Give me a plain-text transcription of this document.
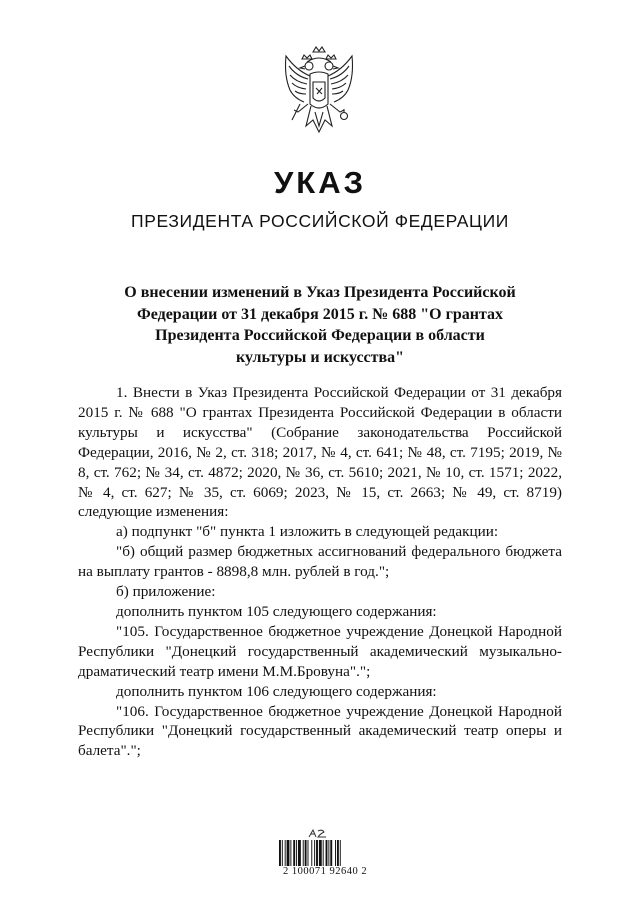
УКАЗ
ПРЕЗИДЕНТА РОССИЙСКОЙ ФЕДЕРАЦИИ
О внесении изменений в Указ Президента Российской
Федерации от 31 декабря 2015 г. № 688 "О грантах
Президента Российской Федерации в области
культуры и искусства"

1. Внести в Указ Президента Российской Федерации от 31 декабря 2015 г. № 688 "О грантах Президента Российской Федерации в области культуры и искусства" (Собрание законодательства Российской Федерации, 2016, № 2, ст. 318; 2017, № 4, ст. 641; № 48, ст. 7195; 2019, № 8, ст. 762; № 34, ст. 4872; 2020, № 36, ст. 5610; 2021, № 10, ст. 1571; 2022, № 4, ст. 627; № 35, ст. 6069; 2023, № 15, ст. 2663; № 49, ст. 8719) следующие изменения:

а) подпункт "б" пункта 1 изложить в следующей редакции:

"б) общий размер бюджетных ассигнований федерального бюджета на выплату грантов - 8898,8 млн. рублей в год.";

б) приложение:

дополнить пунктом 105 следующего содержания:

"105. Государственное бюджетное учреждение Донецкой Народной Республики "Донецкий государственный академический музыкально-драматический театр имени М.М.Бровуна".";

дополнить пунктом 106 следующего содержания:

"106. Государственное бюджетное учреждение Донецкой Народной Республики "Донецкий государственный академический театр оперы и балета".";

2 100071 92640 2
